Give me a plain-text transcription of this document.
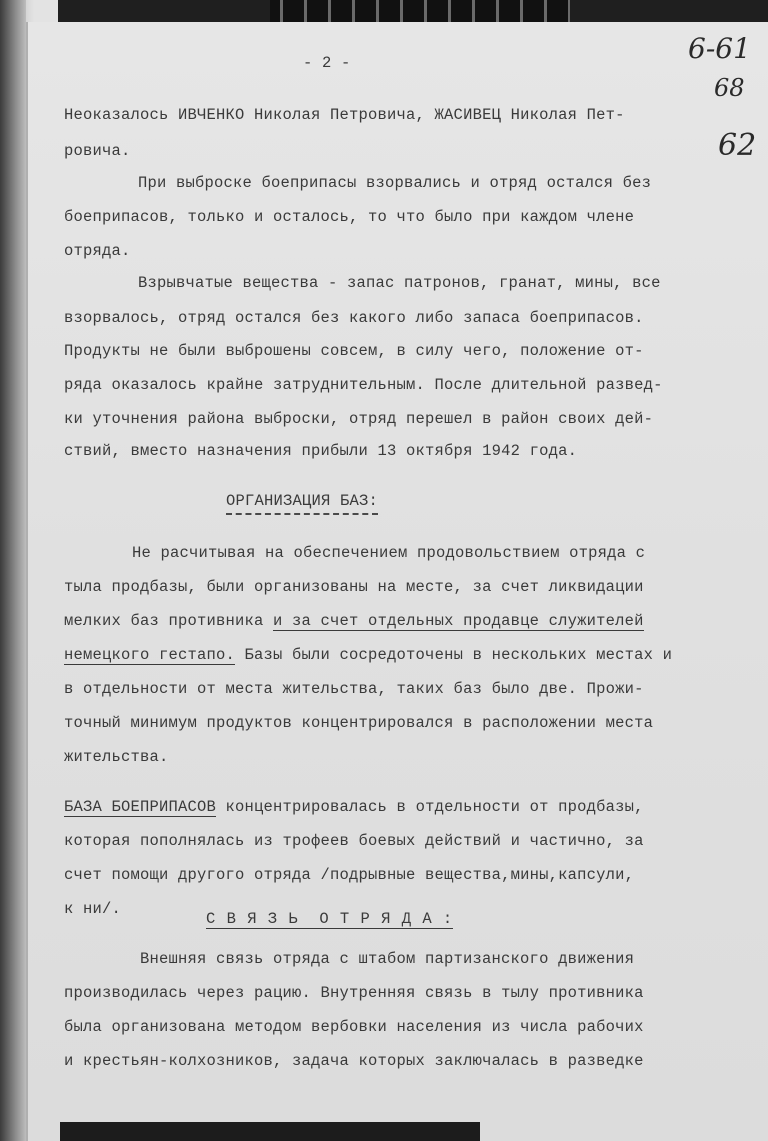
- 2 -	6-61
68
62

Неоказалось ИВЧЕНКО Николая Петровича, ЖАСИВЕЦ Николая Пет-

ровича.

При выброске боеприпасы взорвались и отряд остался без

боеприпасов, только и осталось, то что было при каждом члене

отряда.

Взрывчатые вещества - запас патронов, гранат, мины, все

взорвалось, отряд остался без какого либо запаса боеприпасов.

Продукты не были выброшены совсем, в силу чего, положение от-

ряда оказалось крайне затруднительным. После длительной развед-

ки уточнения района выброски, отряд перешел в район своих дей-

ствий, вместо назначения прибыли 13 октября 1942 года.

ОРГАНИЗАЦИЯ БАЗ:

Не расчитывая на обеспечением продовольствием отряда с

тыла продбазы, были организованы на месте, за счет ликвидации

мелких баз противника и за счет отдельных продавце служителей

немецкого гестапо. Базы были сосредоточены в нескольких местах и

в отдельности от места жительства, таких баз было две. Прожи-

точный минимум продуктов концентрировался в расположении места

жительства.

БАЗА БОЕПРИПАСОВ концентрировалась в отдельности от продбазы,

которая пополнялась из трофеев боевых действий и частично, за

счет помощи другого отряда /подрывные вещества,мины,капсули,

к ни/.

С В Я З Ь  О Т Р Я Д А :

Внешняя связь отряда с штабом партизанского движения

производилась через рацию. Внутренняя связь в тылу противника

была организована методом вербовки населения из числа рабочих

и крестьян-колхозников, задача которых заключалась в разведке
